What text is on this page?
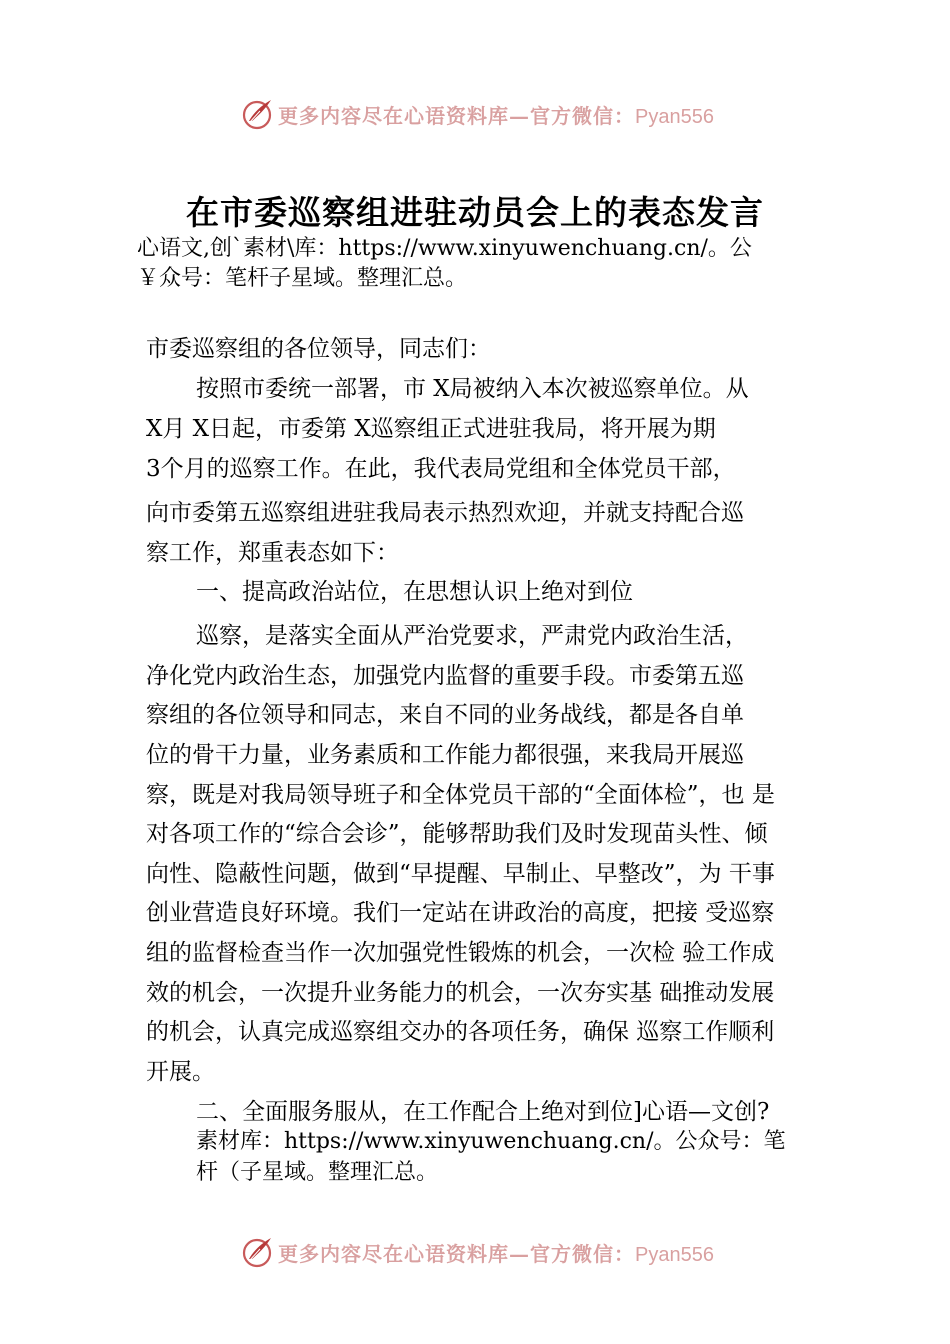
更多内容尽在心语资料库—官方微信：Pyan556
在市委巡察组进驻动员会上的表态发言

心语文,创`素材\库：https://www.xinyuwenchuang.cn/。公

￥众号：笔杆子星域。整理汇总。

市委巡察组的各位领导，同志们：

按照市委统一部署，市 X局被纳入本次被巡察单位。从

X月 X日起，市委第 X巡察组正式进驻我局，将开展为期

3个月的巡察工作。在此，我代表局党组和全体党员干部，

向市委第五巡察组进驻我局表示热烈欢迎，并就支持配合巡

察工作，郑重表态如下：

一、提高政治站位，在思想认识上绝对到位

巡察，是落实全面从严治党要求，严肃党内政治生活，

净化党内政治生态，加强党内监督的重要手段。市委第五巡

察组的各位领导和同志，来自不同的业务战线，都是各自单

位的骨干力量，业务素质和工作能力都很强，来我局开展巡

察，既是对我局领导班子和全体党员干部的“全面体检”，也 是

对各项工作的“综合会诊”，能够帮助我们及时发现苗头性、倾

向性、隐蔽性问题，做到“早提醒、早制止、早整改”，为 干事

创业营造良好环境。我们一定站在讲政治的高度，把接 受巡察

组的监督检查当作一次加强党性锻炼的机会，一次检 验工作成

效的机会，一次提升业务能力的机会，一次夯实基 础推动发展

的机会，认真完成巡察组交办的各项任务，确保 巡察工作顺利

开展。

二、全面服务服从，在工作配合上绝对到位]心语—文创?

素材库：https://www.xinyuwenchuang.cn/。公众号：笔

杆（子星域。整理汇总。

更多内容尽在心语资料库—官方微信：Pyan556
